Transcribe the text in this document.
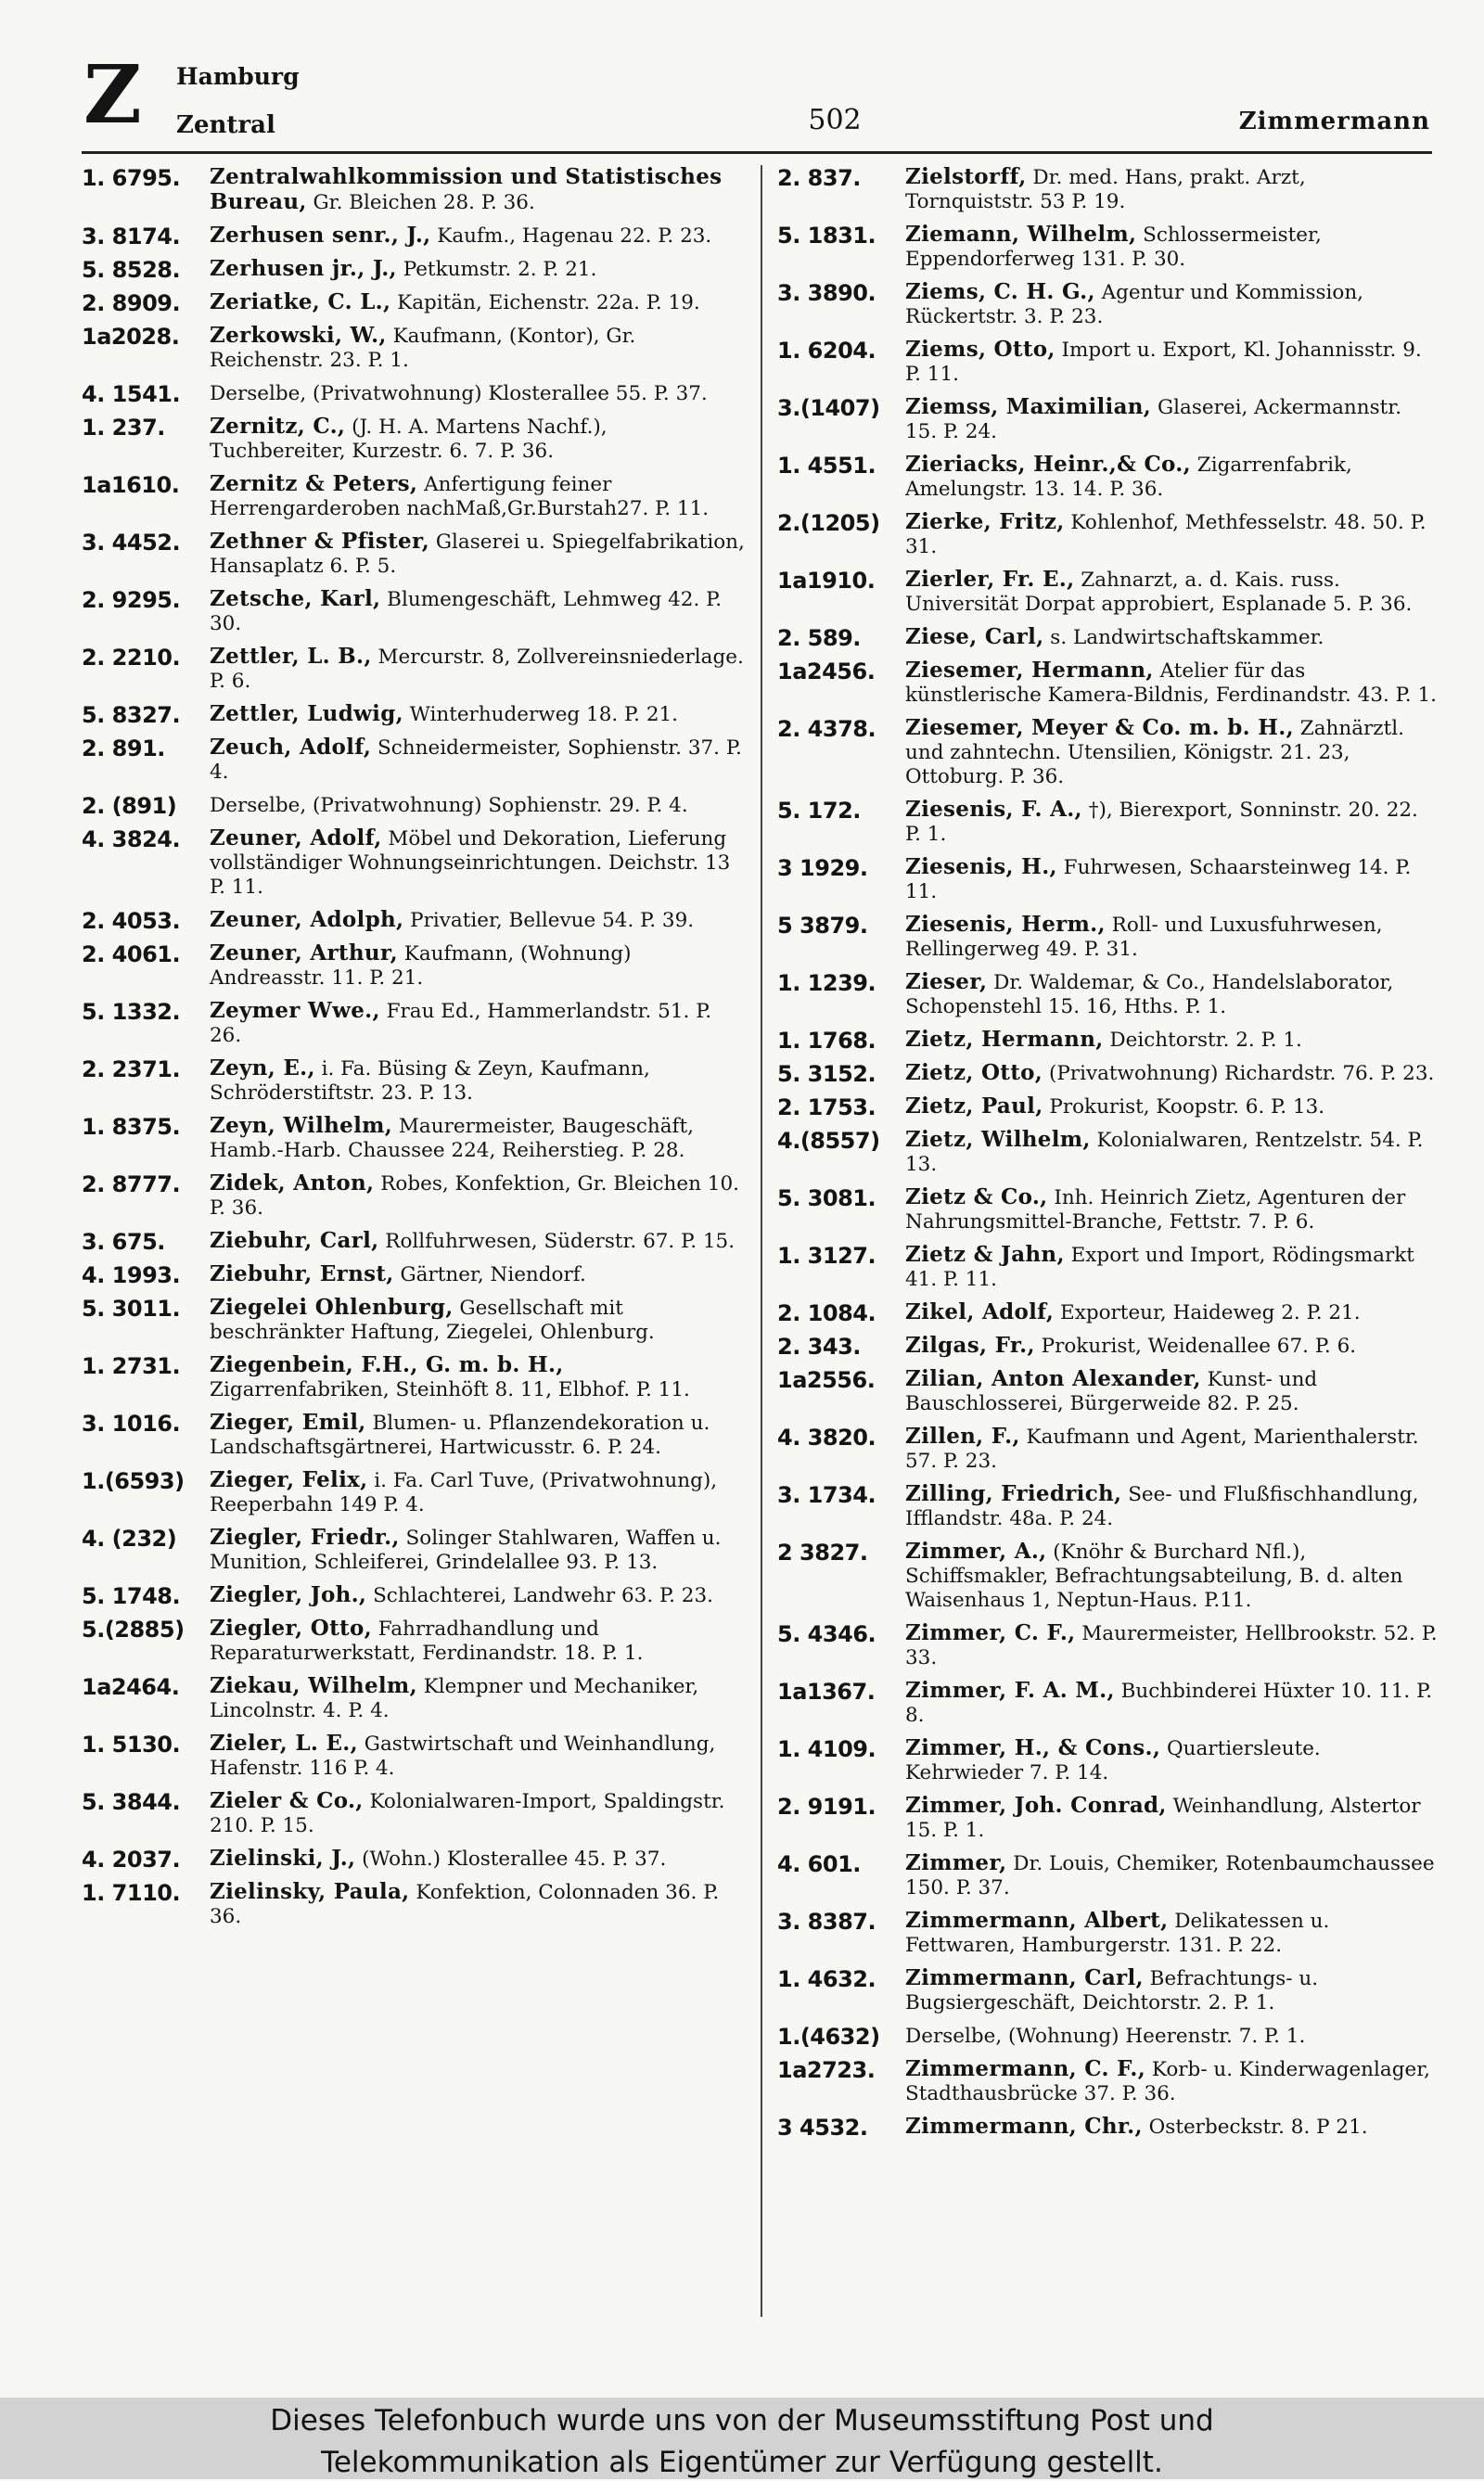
Z Hamburg
Zentral	502	Zimmermann
1. 6795. Zentralwahlkommission und Statistisches Bureau, Gr. Bleichen 28. P. 36.
3. 8174. Zerhusen senr., J., Kaufm., Hagenau 22. P. 23.
5. 8528. Zerhusen jr., J., Petkumstr. 2. P. 21.
2. 8909. Zeriatke, C. L., Kapitän, Eichenstr. 22a. P. 19.
1a2028. Zerkowski, W., Kaufmann, (Kontor), Gr. Reichenstr. 23. P. 1.
4. 1541. Derselbe, (Privatwohnung) Klosterallee 55. P. 37.
1. 237. Zernitz, C., (J. H. A. Martens Nachf.), Tuchbereiter, Kurzestr. 6. 7. P. 36.
1a1610. Zernitz & Peters, Anfertigung feiner Herrengarderoben nachMaß,Gr.Burstah27. P. 11.
3. 4452. Zethner & Pfister, Glaserei u. Spiegelfabrikation, Hansaplatz 6. P. 5.
2. 9295. Zetsche, Karl, Blumengeschäft, Lehmweg 42. P. 30.
2. 2210. Zettler, L. B., Mercurstr. 8, Zollvereinsniederlage. P. 6.
5. 8327. Zettler, Ludwig, Winterhuderweg 18. P. 21.
2. 891. Zeuch, Adolf, Schneidermeister, Sophienstr. 37. P. 4.
2. (891) Derselbe, (Privatwohnung) Sophienstr. 29. P. 4.
4. 3824. Zeuner, Adolf, Möbel und Dekoration, Lieferung vollständiger Wohnungseinrichtungen. Deichstr. 13 P. 11.
2. 4053. Zeuner, Adolph, Privatier, Bellevue 54. P. 39.
2. 4061. Zeuner, Arthur, Kaufmann, (Wohnung) Andreasstr. 11. P. 21.
5. 1332. Zeymer Wwe., Frau Ed., Hammerlandstr. 51. P. 26.
2. 2371. Zeyn, E., i. Fa. Büsing & Zeyn, Kaufmann, Schröderstiftstr. 23. P. 13.
1. 8375. Zeyn, Wilhelm, Maurermeister, Baugeschäft, Hamb.-Harb. Chaussee 224, Reiherstieg. P. 28.
2. 8777. Zidek, Anton, Robes, Konfektion, Gr. Bleichen 10. P. 36.
3. 675. Ziebuhr, Carl, Rollfuhrwesen, Süderstr. 67. P. 15.
4. 1993. Ziebuhr, Ernst, Gärtner, Niendorf.
5. 3011. Ziegelei Ohlenburg, Gesellschaft mit beschränkter Haftung, Ziegelei, Ohlenburg.
1. 2731. Ziegenbein, F.H., G. m. b. H., Zigarrenfabriken, Steinhöft 8. 11, Elbhof. P. 11.
3. 1016. Zieger, Emil, Blumen- u. Pflanzendekoration u. Landschaftsgärtnerei, Hartwicusstr. 6. P. 24.
1.(6593) Zieger, Felix, i. Fa. Carl Tuve, (Privatwohnung), Reeperbahn 149 P. 4.
4. (232) Ziegler, Friedr., Solinger Stahlwaren, Waffen u. Munition, Schleiferei, Grindelallee 93. P. 13.
5. 1748. Ziegler, Joh., Schlachterei, Landwehr 63. P. 23.
5.(2885) Ziegler, Otto, Fahrradhandlung und Reparaturwerkstatt, Ferdinandstr. 18. P. 1.
1a2464. Ziekau, Wilhelm, Klempner und Mechaniker, Lincolnstr. 4. P. 4.
1. 5130. Zieler, L. E., Gastwirtschaft und Weinhandlung, Hafenstr. 116 P. 4.
5. 3844. Zieler & Co., Kolonialwaren-Import, Spaldingstr. 210. P. 15.
4. 2037. Zielinski, J., (Wohn.) Klosterallee 45. P. 37.
1. 7110. Zielinsky, Paula, Konfektion, Colonnaden 36. P. 36.
2. 837. Zielstorff, Dr. med. Hans, prakt. Arzt, Tornquiststr. 53 P. 19.
5. 1831. Ziemann, Wilhelm, Schlossermeister, Eppendorferweg 131. P. 30.
3. 3890. Ziems, C. H. G., Agentur und Kommission, Rückertstr. 3. P. 23.
1. 6204. Ziems, Otto, Import u. Export, Kl. Johannisstr. 9. P. 11.
3.(1407) Ziemss, Maximilian, Glaserei, Ackermannstr. 15. P. 24.
1. 4551. Zieriacks, Heinr.,& Co., Zigarrenfabrik, Amelungstr. 13. 14. P. 36.
2.(1205) Zierke, Fritz, Kohlenhof, Methfesselstr. 48. 50. P. 31.
1a1910. Zierler, Fr. E., Zahnarzt, a. d. Kais. russ. Universität Dorpat approbiert, Esplanade 5. P. 36.
2. 589. Ziese, Carl, s. Landwirtschaftskammer.
1a2456. Ziesemer, Hermann, Atelier für das künstlerische Kamera-Bildnis, Ferdinandstr. 43. P. 1.
2. 4378. Ziesemer, Meyer & Co. m. b. H., Zahnärztl. und zahntechn. Utensilien, Königstr. 21. 23, Ottoburg. P. 36.
5. 172. Ziesenis, F. A., †), Bierexport, Sonninstr. 20. 22. P. 1.
3 1929. Ziesenis, H., Fuhrwesen, Schaarsteinweg 14. P. 11.
5 3879. Ziesenis, Herm., Roll- und Luxusfuhrwesen, Rellingerweg 49. P. 31.
1. 1239. Zieser, Dr. Waldemar, & Co., Handelslaborator, Schopenstehl 15. 16, Hths. P. 1.
1. 1768. Zietz, Hermann, Deichtorstr. 2. P. 1.
5. 3152. Zietz, Otto, (Privatwohnung) Richardstr. 76. P. 23.
2. 1753. Zietz, Paul, Prokurist, Koopstr. 6. P. 13.
4.(8557) Zietz, Wilhelm, Kolonialwaren, Rentzelstr. 54. P. 13.
5. 3081. Zietz & Co., Inh. Heinrich Zietz, Agenturen der Nahrungsmittel-Branche, Fettstr. 7. P. 6.
1. 3127. Zietz & Jahn, Export und Import, Rödingsmarkt 41. P. 11.
2. 1084. Zikel, Adolf, Exporteur, Haideweg 2. P. 21.
2. 343. Zilgas, Fr., Prokurist, Weidenallee 67. P. 6.
1a2556. Zilian, Anton Alexander, Kunst- und Bauschlosserei, Bürgerweide 82. P. 25.
4. 3820. Zillen, F., Kaufmann und Agent, Marienthalerstr. 57. P. 23.
3. 1734. Zilling, Friedrich, See- und Flußfischhandlung, Ifflandstr. 48a. P. 24.
2 3827. Zimmer, A., (Knöhr & Burchard Nfl.), Schiffsmakler, Befrachtungsabteilung, B. d. alten Waisenhaus 1, Neptun-Haus. P.11.
5. 4346. Zimmer, C. F., Maurermeister, Hellbrookstr. 52. P. 33.
1a1367. Zimmer, F. A. M., Buchbinderei Hüxter 10. 11. P. 8.
1. 4109. Zimmer, H., & Cons., Quartiersleute. Kehrwieder 7. P. 14.
2. 9191. Zimmer, Joh. Conrad, Weinhandlung, Alstertor 15. P. 1.
4. 601. Zimmer, Dr. Louis, Chemiker, Rotenbaumchaussee 150. P. 37.
3. 8387. Zimmermann, Albert, Delikatessen u. Fettwaren, Hamburgerstr. 131. P. 22.
1. 4632. Zimmermann, Carl, Befrachtungs- u. Bugsiergeschäft, Deichtorstr. 2. P. 1.
1.(4632) Derselbe, (Wohnung) Heerenstr. 7. P. 1.
1a2723. Zimmermann, C. F., Korb- u. Kinderwagenlager, Stadthausbrücke 37. P. 36.
3 4532. Zimmermann, Chr., Osterbeckstr. 8. P 21.
Dieses Telefonbuch wurde uns von der Museumsstiftung Post und
Telekommunikation als Eigentümer zur Verfügung gestellt.
